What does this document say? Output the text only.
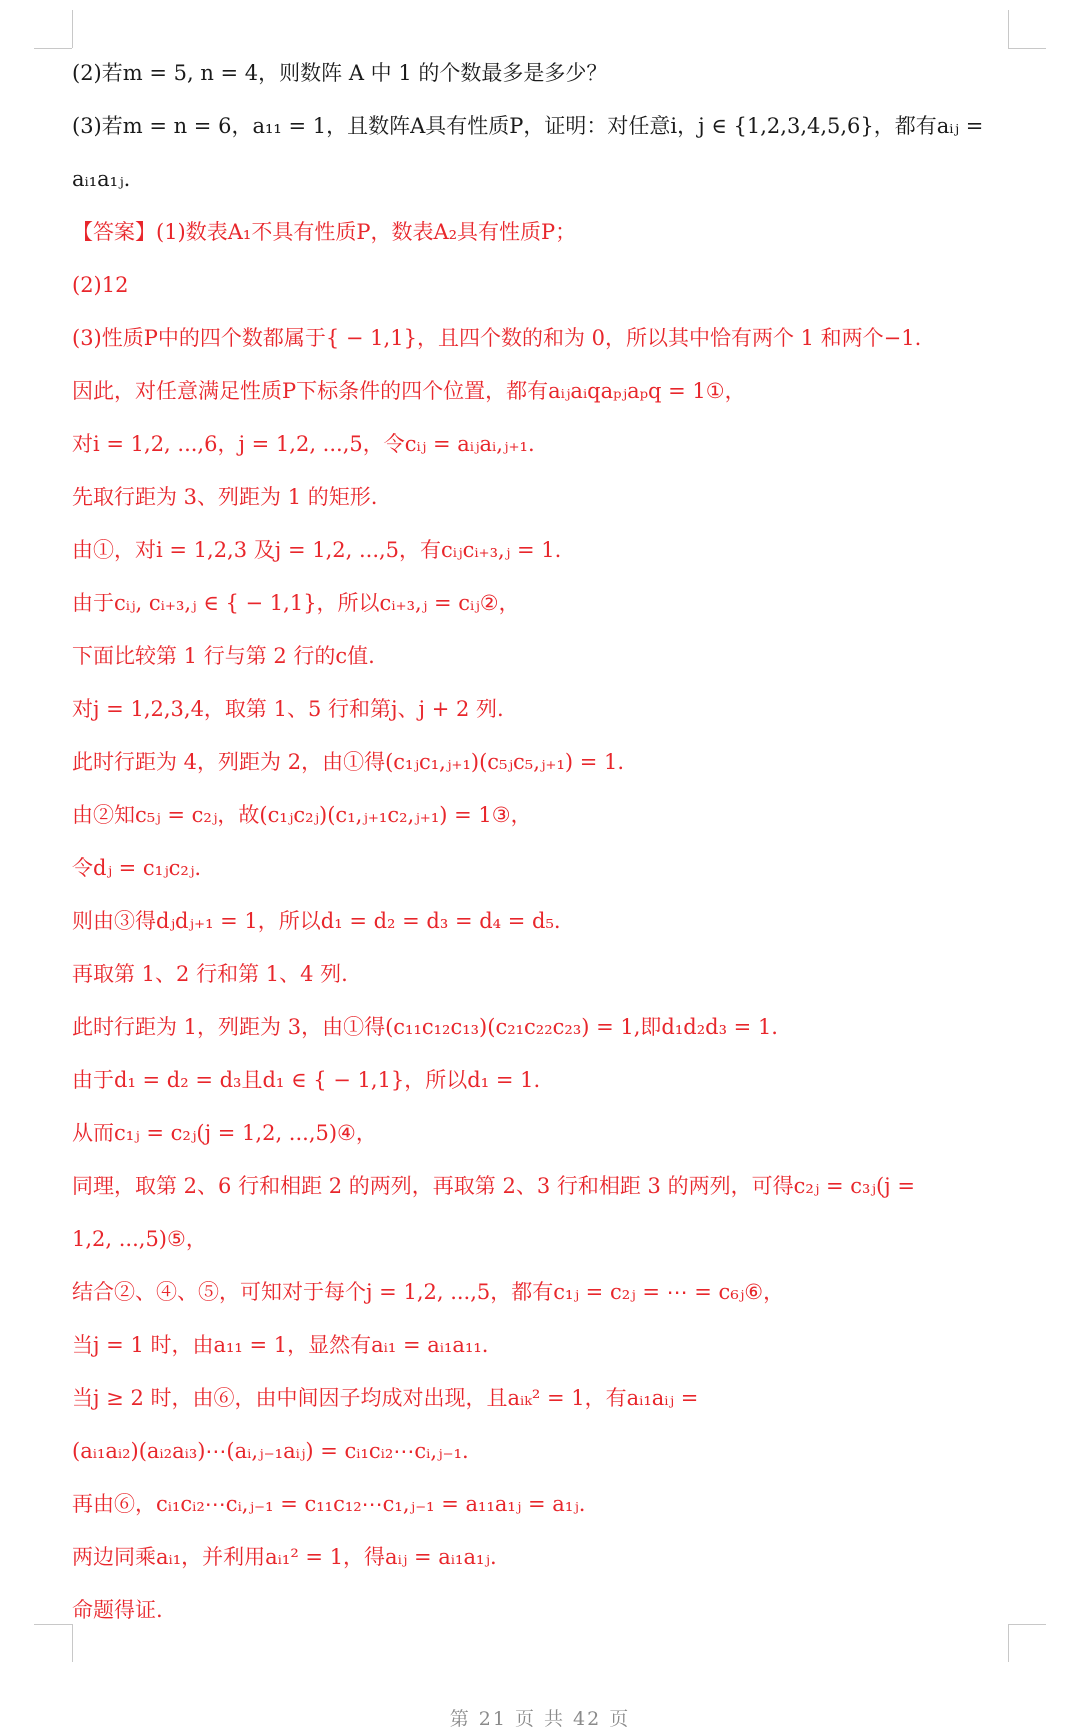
(2)若m = 5, n = 4，则数阵 A 中 1 的个数最多是多少？
(3)若m = n = 6，a₁₁ = 1，且数阵A具有性质P，证明：对任意i，j ∈ {1,2,3,4,5,6}，都有aᵢⱼ =
aᵢ₁a₁ⱼ.
【答案】(1)数表A₁不具有性质P，数表A₂具有性质P；
(2)12
(3)性质P中的四个数都属于{ − 1,1}，且四个数的和为 0，所以其中恰有两个 1 和两个−1.
因此，对任意满足性质P下标条件的四个位置，都有aᵢⱼaᵢqaₚⱼaₚq = 1①，
对i = 1,2, ...,6，j = 1,2, ...,5，令cᵢⱼ = aᵢⱼaᵢ,ⱼ₊₁.
先取行距为 3、列距为 1 的矩形.
由①，对i = 1,2,3 及j = 1,2, ...,5，有cᵢⱼcᵢ₊₃,ⱼ = 1.
由于cᵢⱼ, cᵢ₊₃,ⱼ ∈ { − 1,1}，所以cᵢ₊₃,ⱼ = cᵢⱼ②，
下面比较第 1 行与第 2 行的c值.
对j = 1,2,3,4，取第 1、5 行和第j、j + 2 列.
此时行距为 4，列距为 2，由①得(c₁ⱼc₁,ⱼ₊₁)(c₅ⱼc₅,ⱼ₊₁) = 1.
由②知c₅ⱼ = c₂ⱼ，故(c₁ⱼc₂ⱼ)(c₁,ⱼ₊₁c₂,ⱼ₊₁) = 1③，
令dⱼ = c₁ⱼc₂ⱼ.
则由③得dⱼdⱼ₊₁ = 1，所以d₁ = d₂ = d₃ = d₄ = d₅.
再取第 1、2 行和第 1、4 列.
此时行距为 1，列距为 3，由①得(c₁₁c₁₂c₁₃)(c₂₁c₂₂c₂₃) = 1,即d₁d₂d₃ = 1.
由于d₁ = d₂ = d₃且d₁ ∈ { − 1,1}，所以d₁ = 1.
从而c₁ⱼ = c₂ⱼ(j = 1,2, ...,5)④，
同理，取第 2、6 行和相距 2 的两列，再取第 2、3 行和相距 3 的两列，可得c₂ⱼ = c₃ⱼ(j =
1,2, ...,5)⑤，
结合②、④、⑤，可知对于每个j = 1,2, ...,5，都有c₁ⱼ = c₂ⱼ = ⋯ = c₆ⱼ⑥，
当j = 1 时，由a₁₁ = 1，显然有aᵢ₁ = aᵢ₁a₁₁.
当j ≥ 2 时，由⑥，由中间因子均成对出现，且aᵢₖ² = 1，有aᵢ₁aᵢⱼ =
(aᵢ₁aᵢ₂)(aᵢ₂aᵢ₃)⋯(aᵢ,ⱼ₋₁aᵢⱼ) = cᵢ₁cᵢ₂⋯cᵢ,ⱼ₋₁.
再由⑥，cᵢ₁cᵢ₂⋯cᵢ,ⱼ₋₁ = c₁₁c₁₂⋯c₁,ⱼ₋₁ = a₁₁a₁ⱼ = a₁ⱼ.
两边同乘aᵢ₁，并利用aᵢ₁² = 1，得aᵢⱼ = aᵢ₁a₁ⱼ.
命题得证.
第 21 页 共 42 页
